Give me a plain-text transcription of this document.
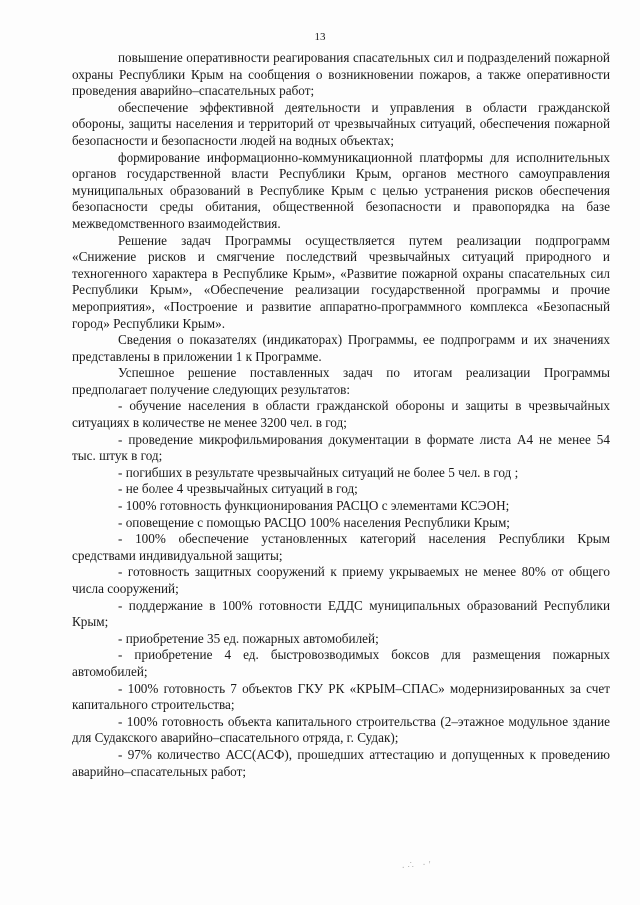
13

повышение оперативности реагирования спасательных сил и подразделений пожарной охраны Республики Крым на сообщения о возникновении пожаров, а также оперативности проведения аварийно–спасательных работ;

обеспечение эффективной деятельности и управления в области гражданской обороны, защиты населения и территорий от чрезвычайных ситуаций, обеспечения пожарной безопасности и безопасности людей на водных объектах;

формирование информационно-коммуникационной платформы для исполнительных органов государственной власти Республики Крым, органов местного самоуправления муниципальных образований в Республике Крым с целью устранения рисков обеспечения безопасности среды обитания, общественной безопасности и правопорядка на базе межведомственного взаимодействия.

Решение задач Программы осуществляется путем реализации подпрограмм «Снижение рисков и смягчение последствий чрезвычайных ситуаций природного и техногенного характера в Республике Крым», «Развитие пожарной охраны спасательных сил Республики Крым», «Обеспечение реализации государственной программы и прочие мероприятия», «Построение и развитие аппаратно-программного комплекса «Безопасный город» Республики Крым».

Сведения о показателях (индикаторах) Программы, ее подпрограмм и их значениях представлены в приложении 1 к Программе.

Успешное решение поставленных задач по итогам реализации Программы предполагает получение следующих результатов:

- обучение населения в области гражданской обороны и защиты в чрезвычайных ситуациях в количестве не менее 3200 чел. в год;

- проведение микрофильмирования документации в формате листа А4 не менее 54 тыс. штук в год;

- погибших в результате чрезвычайных ситуаций не более 5 чел. в год ;

- не более 4 чрезвычайных ситуаций в год;

- 100% готовность функционирования РАСЦО с элементами КСЭОН;

- оповещение с помощью РАСЦО 100% населения Республики Крым;

- 100% обеспечение установленных категорий населения Республики Крым средствами индивидуальной защиты;

- готовность защитных сооружений к приему укрываемых не менее 80% от общего числа сооружений;

- поддержание в 100% готовности ЕДДС муниципальных образований Республики Крым;

- приобретение 35 ед. пожарных автомобилей;

- приобретение 4 ед. быстровозводимых боксов для размещения пожарных автомобилей;

- 100% готовность 7 объектов ГКУ РК «КРЫМ–СПАС» модернизированных за счет капитального строительства;

- 100% готовность объекта капитального строительства (2–этажное модульное здание для Судакского аварийно–спасательного отряда, г. Судак);

- 97% количество АСС(АСФ), прошедших аттестацию и допущенных к проведению аварийно–спасательных работ;

.∴ ·'
